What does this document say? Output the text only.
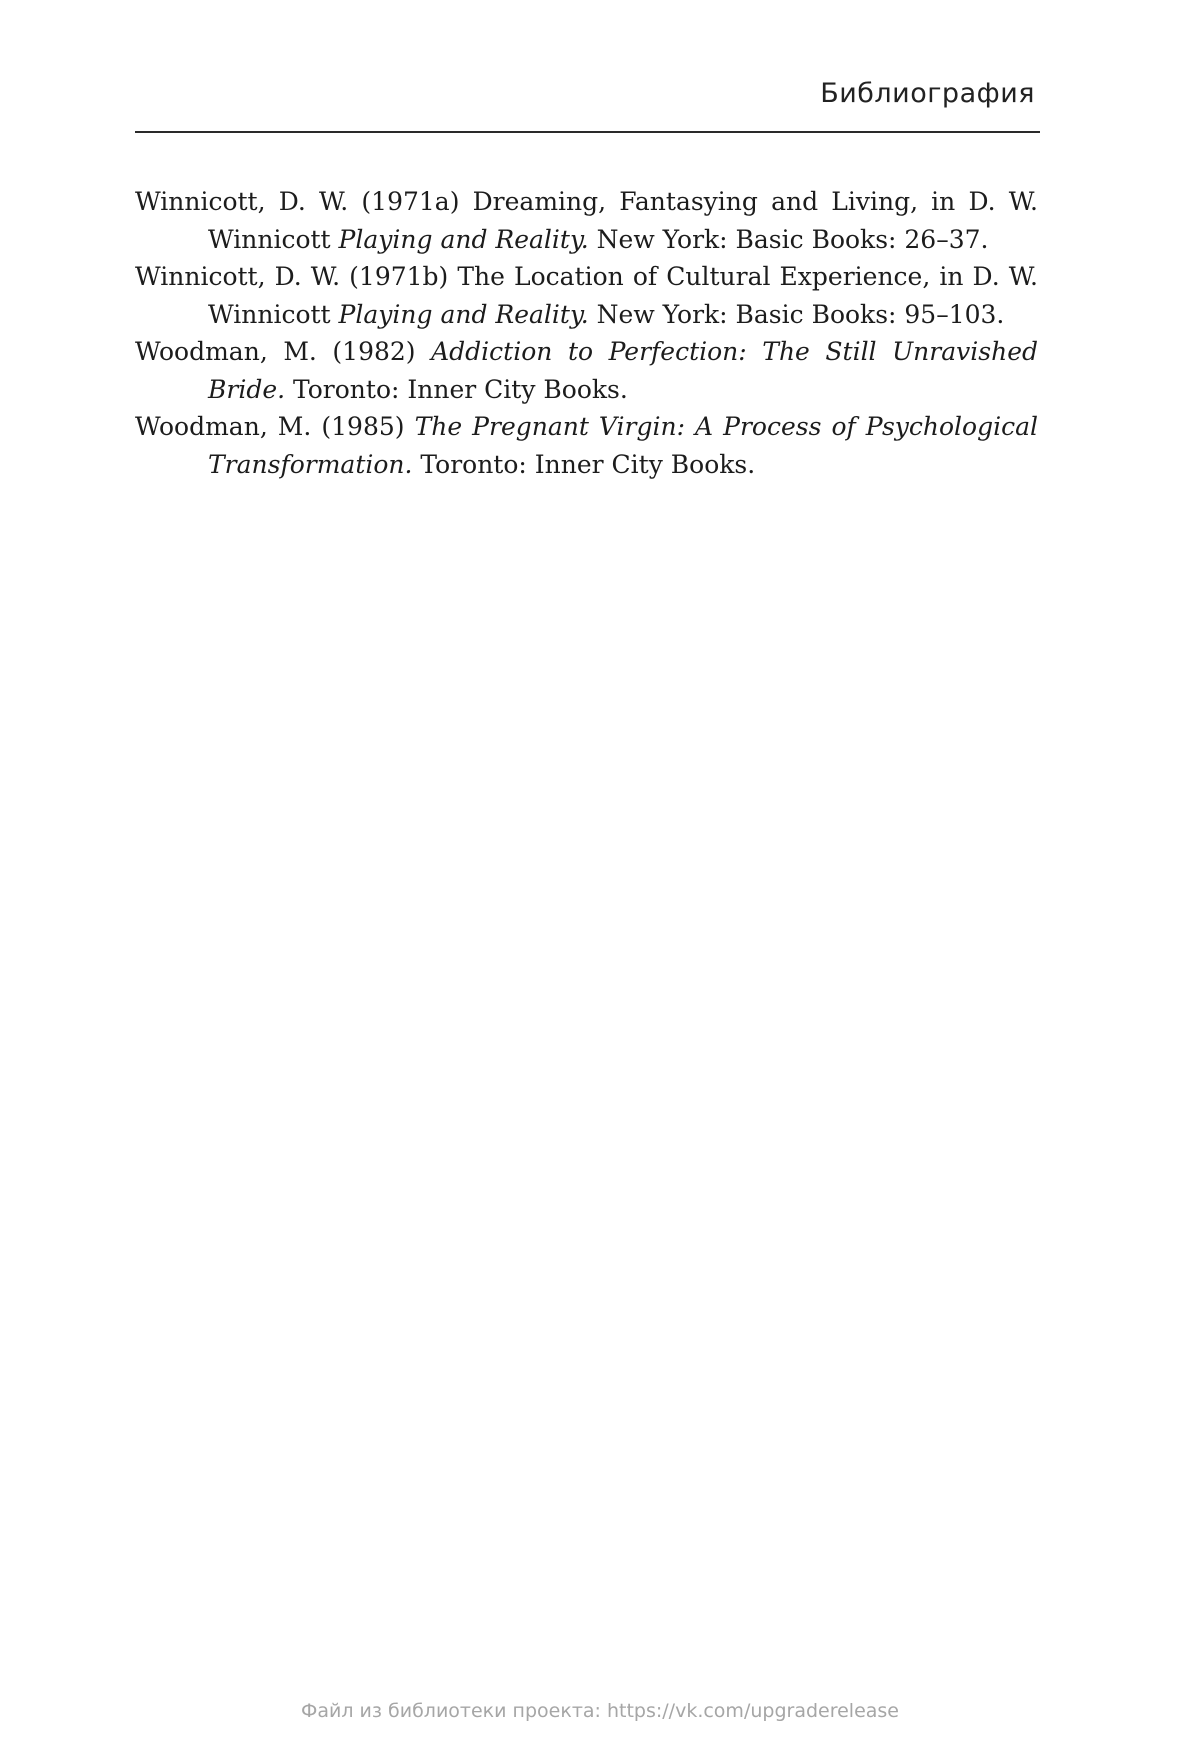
Библиография
Winnicott, D. W. (1971a) Dreaming, Fantasying and Living, in D. W. Winnicott Playing and Reality. New York: Basic Books: 26–37.
Winnicott, D. W. (1971b) The Location of Cultural Experience, in D. W. Winnicott Playing and Reality. New York: Basic Books: 95–103.
Woodman, M. (1982) Addiction to Perfection: The Still Unravished Bride. Toronto: Inner City Books.
Woodman, M. (1985) The Pregnant Virgin: A Process of Psychological Transformation. Toronto: Inner City Books.
Файл из библиотеки проекта: https://vk.com/upgraderelease
